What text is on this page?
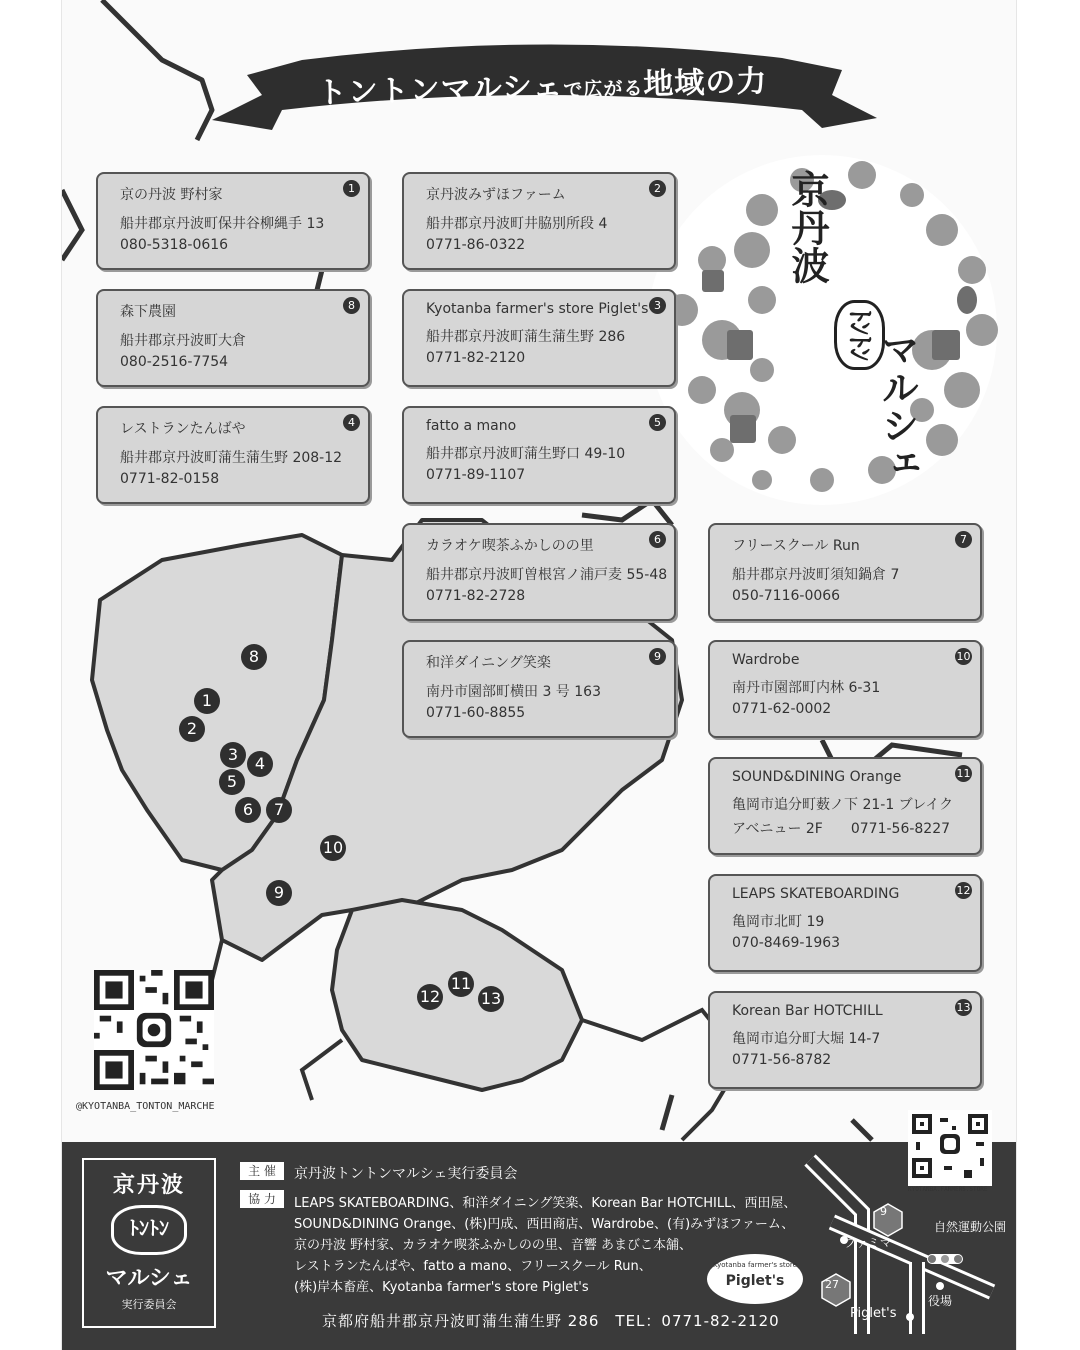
トントンマルシェで広がる地域の力
京丹波
ﾄﾝﾄﾝ マルシェ
京の丹波 野村家
船井郡京丹波町保井谷柳縄手 13
080-5318-0616
1	京丹波みずほファーム
船井郡京丹波町井脇別所段 4
0771-86-0322
2
森下農園
船井郡京丹波町大倉
080-2516-7754
8	Kyotanba farmer's store Piglet's
船井郡京丹波町蒲生蒲生野 286
0771-82-2120
3
レストランたんばや
船井郡京丹波町蒲生蒲生野 208-12
0771-82-0158
4	fatto a mano
船井郡京丹波町蒲生野口 49-10
0771-89-1107
5
カラオケ喫茶ふかしのの里
船井郡京丹波町曽根宮ノ浦戸麦 55-48
0771-82-2728
6	フリースクール Run
船井郡京丹波町須知鍋倉 7
050-7116-0066
7
和洋ダイニング笑楽
南丹市園部町横田 3 号 163
0771-60-8855
9	Wardrobe
南丹市園部町内林 6-31
0771-62-0002
10
SOUND&DINING Orange
亀岡市追分町薮ノ下 21-1 ブレイク
アベニュー 2F　　0771-56-8227
11
LEAPS SKATEBOARDING
亀岡市北町 19
070-8469-1963
12
Korean Bar HOTCHILL
亀岡市追分町大堀 14-7
0771-56-8782
13
8
1
2
3	4
5
6	7
10
9
12
11
13
@KYOTANBA_TONTON_MARCHE
京丹波
ﾄﾝﾄﾝ
マルシェ
実行委員会
主 催	京丹波トントンマルシェ実行委員会
協 力	LEAPS SKATEBOARDING、和洋ダイニング笑楽、Korean Bar HOTCHILL、西田屋、
SOUND&DINING Orange、(株)円成、西田商店、Wardrobe、(有)みずほファーム、
京の丹波 野村家、カラオケ喫茶ふかしのの里、音響 あまびこ本舗、
レストランたんばや、fatto a mano、フリースクール Run、
(株)岸本畜産、Kyotanba farmer's store Piglet's
京都府船井郡京丹波町蒲生蒲生野 286　TEL：0771-82-2120
Kyotanba farmer's store
Piglet's
9
27
ファミマ
自然運動公園
役場
Piglet's
KYOTANBA.FARMERS.STORE
